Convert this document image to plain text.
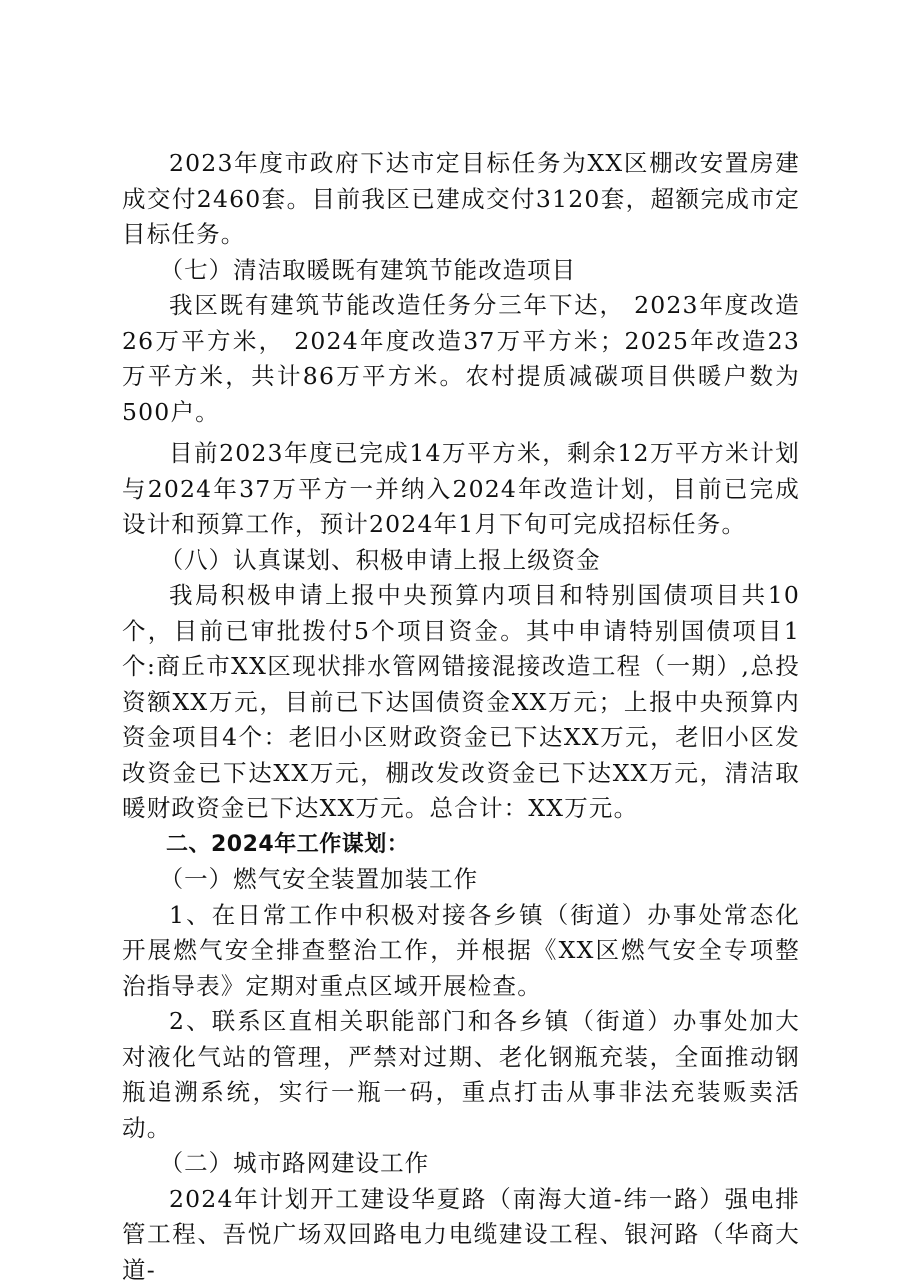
2023年度市政府下达市定目标任务为XX区棚改安置房建成交付2460套。目前我区已建成交付3120套，超额完成市定目标任务。

（七）清洁取暖既有建筑节能改造项目

我区既有建筑节能改造任务分三年下达， 2023年度改造26万平方米， 2024年度改造37万平方米；2025年改造23万平方米，共计86万平方米。农村提质减碳项目供暖户数为500户。

目前2023年度已完成14万平方米，剩余12万平方米计划与2024年37万平方一并纳入2024年改造计划，目前已完成设计和预算工作，预计2024年1月下旬可完成招标任务。

（八）认真谋划、积极申请上报上级资金

我局积极申请上报中央预算内项目和特别国债项目共10个，目前已审批拨付5个项目资金。其中申请特别国债项目1个:商丘市XX区现状排水管网错接混接改造工程（一期）,总投资额XX万元，目前已下达国债资金XX万元；上报中央预算内资金项目4个：老旧小区财政资金已下达XX万元，老旧小区发改资金已下达XX万元，棚改发改资金已下达XX万元，清洁取暖财政资金已下达XX万元。总合计：XX万元。

二、2024年工作谋划：

（一）燃气安全装置加装工作

1、在日常工作中积极对接各乡镇（街道）办事处常态化开展燃气安全排查整治工作，并根据《XX区燃气安全专项整治指导表》定期对重点区域开展检查。

2、联系区直相关职能部门和各乡镇（街道）办事处加大对液化气站的管理，严禁对过期、老化钢瓶充装，全面推动钢瓶追溯系统，实行一瓶一码，重点打击从事非法充装贩卖活动。

（二）城市路网建设工作

2024年计划开工建设华夏路（南海大道-纬一路）强电排管工程、吾悦广场双回路电力电缆建设工程、银河路（华商大道-
